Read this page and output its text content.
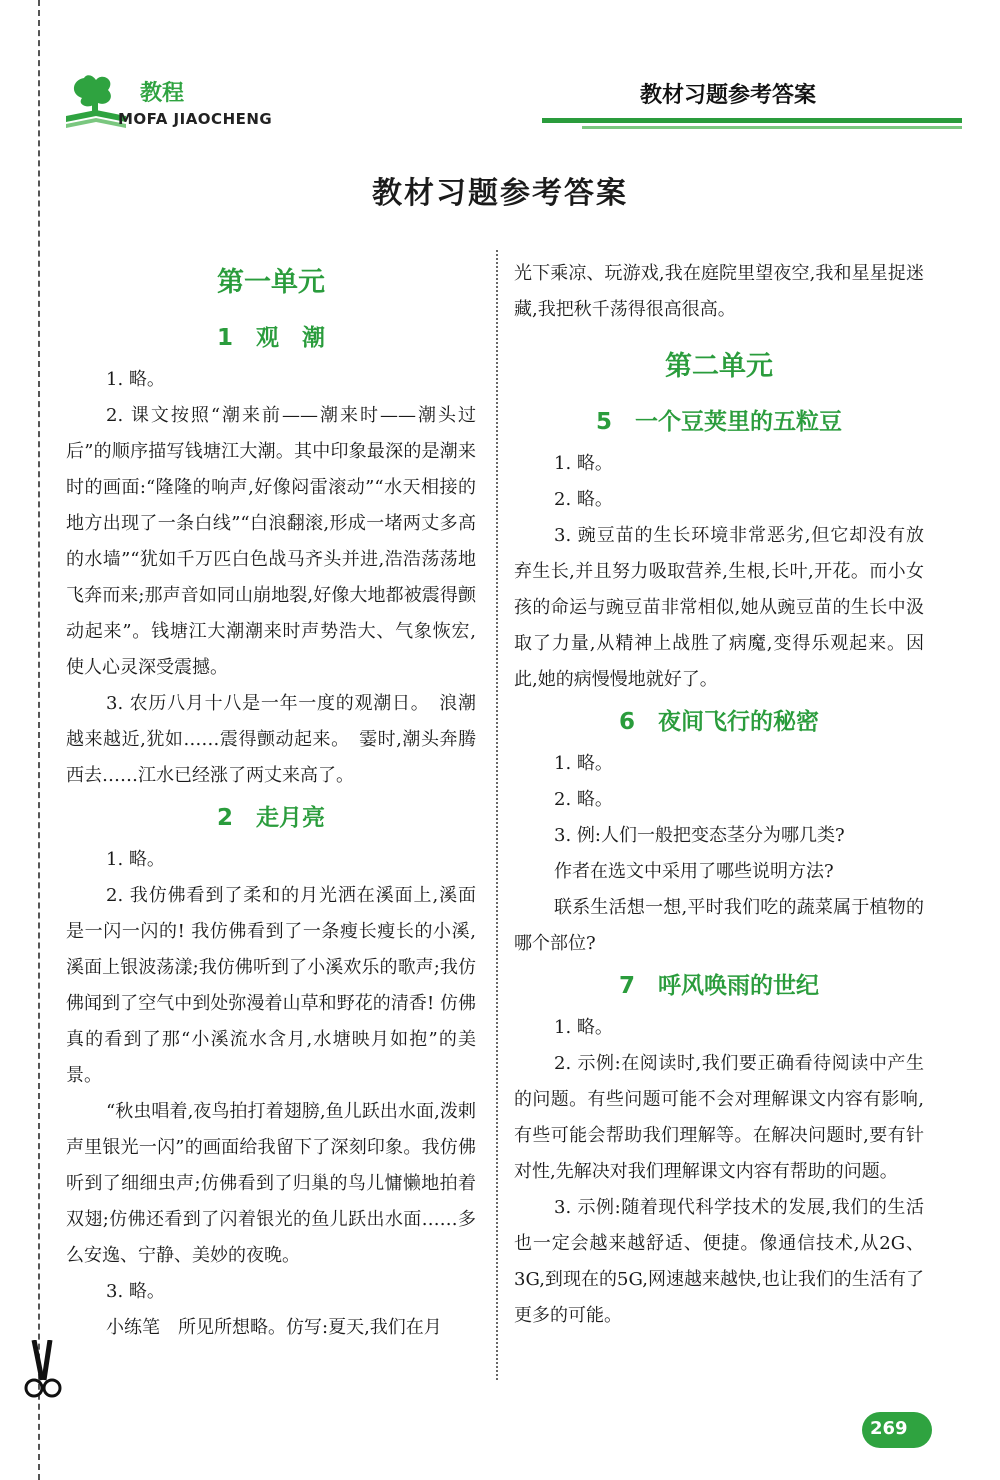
教程
MOFA JIAOCHENG
教材习题参考答案
教材习题参考答案
第一单元
1　观　潮

1. 略。

2. 课文按照“潮来前——潮来时——潮头过后”的顺序描写钱塘江大潮。其中印象最深的是潮来时的画面:“隆隆的响声,好像闷雷滚动”“水天相接的地方出现了一条白线”“白浪翻滚,形成一堵两丈多高的水墙”“犹如千万匹白色战马齐头并进,浩浩荡荡地飞奔而来;那声音如同山崩地裂,好像大地都被震得颤动起来”。钱塘江大潮潮来时声势浩大、气象恢宏,使人心灵深受震撼。

3. 农历八月十八是一年一度的观潮日。　浪潮越来越近,犹如……震得颤动起来。　霎时,潮头奔腾西去……江水已经涨了两丈来高了。

2　走月亮

1. 略。

2. 我仿佛看到了柔和的月光洒在溪面上,溪面是一闪一闪的! 我仿佛看到了一条瘦长瘦长的小溪,溪面上银波荡漾;我仿佛听到了小溪欢乐的歌声;我仿佛闻到了空气中到处弥漫着山草和野花的清香! 仿佛真的看到了那“小溪流水含月,水塘映月如抱”的美景。

“秋虫唱着,夜鸟拍打着翅膀,鱼儿跃出水面,泼剌声里银光一闪”的画面给我留下了深刻印象。我仿佛听到了细细虫声;仿佛看到了归巢的鸟儿慵懒地拍着双翅;仿佛还看到了闪着银光的鱼儿跃出水面……多么安逸、宁静、美妙的夜晚。

3. 略。

小练笔　所见所想略。仿写:夏天,我们在月

光下乘凉、玩游戏,我在庭院里望夜空,我和星星捉迷藏,我把秋千荡得很高很高。

第二单元
5　一个豆荚里的五粒豆

1. 略。

2. 略。

3. 豌豆苗的生长环境非常恶劣,但它却没有放弃生长,并且努力吸取营养,生根,长叶,开花。而小女孩的命运与豌豆苗非常相似,她从豌豆苗的生长中汲取了力量,从精神上战胜了病魔,变得乐观起来。因此,她的病慢慢地就好了。

6　夜间飞行的秘密

1. 略。

2. 略。

3. 例:人们一般把变态茎分为哪几类?

作者在选文中采用了哪些说明方法?

联系生活想一想,平时我们吃的蔬菜属于植物的哪个部位?

7　呼风唤雨的世纪

1. 略。

2. 示例:在阅读时,我们要正确看待阅读中产生的问题。有些问题可能不会对理解课文内容有影响,有些可能会帮助我们理解等。在解决问题时,要有针对性,先解决对我们理解课文内容有帮助的问题。

3. 示例:随着现代科学技术的发展,我们的生活也一定会越来越舒适、便捷。像通信技术,从2G、3G,到现在的5G,网速越来越快,也让我们的生活有了更多的可能。

269
